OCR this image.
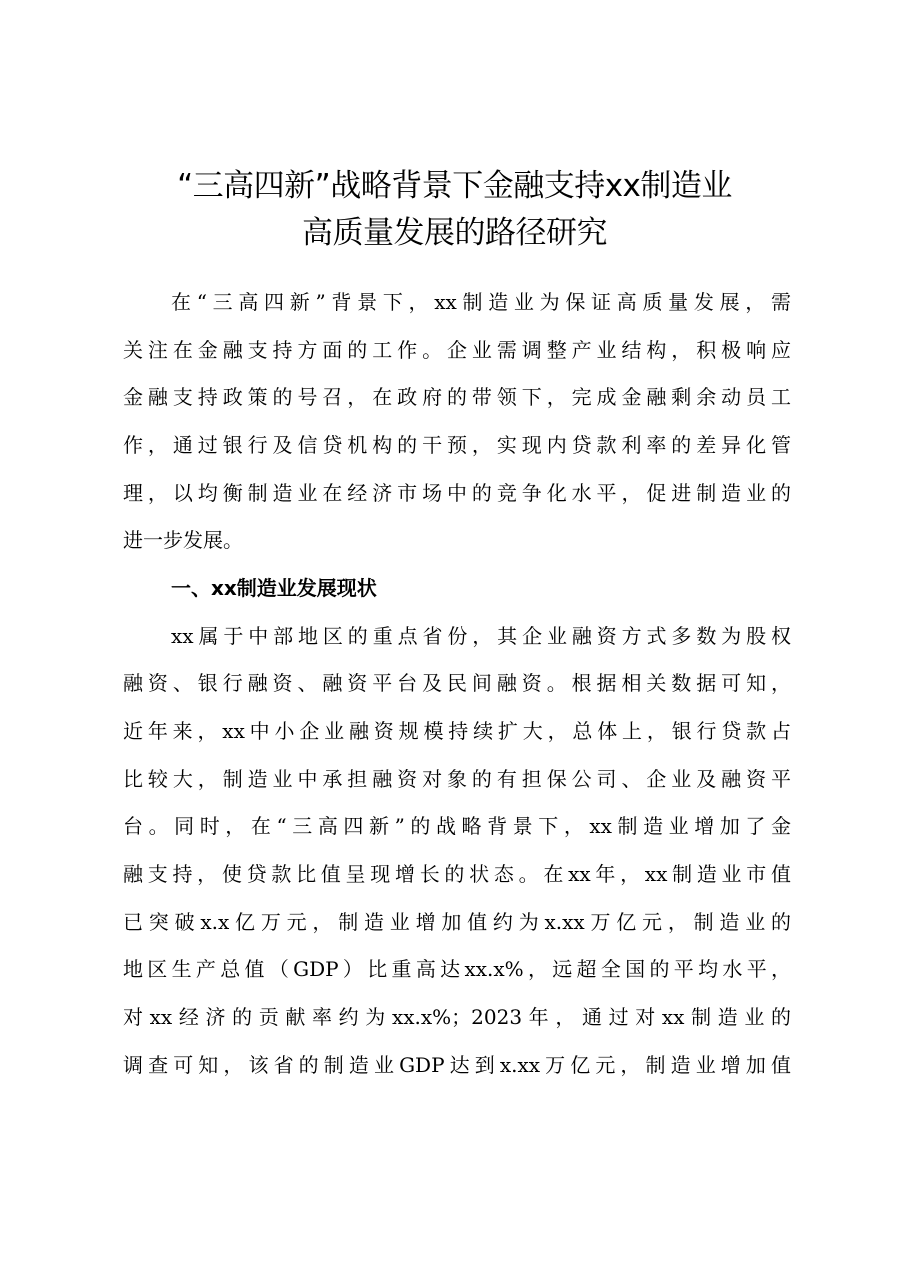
“三高四新”战略背景下金融支持xx制造业
高质量发展的路径研究
在“三高四新”背景下，xx制造业为保证高质量发展，需
关注在金融支持方面的工作。企业需调整产业结构，积极响应
金融支持政策的号召，在政府的带领下，完成金融剩余动员工
作，通过银行及信贷机构的干预，实现内贷款利率的差异化管
理，以均衡制造业在经济市场中的竞争化水平，促进制造业的
进一步发展。
一、xx制造业发展现状
xx属于中部地区的重点省份，其企业融资方式多数为股权
融资、银行融资、融资平台及民间融资。根据相关数据可知，
近年来，xx中小企业融资规模持续扩大，总体上，银行贷款占
比较大，制造业中承担融资对象的有担保公司、企业及融资平
台。同时，在“三高四新”的战略背景下，xx制造业增加了金
融支持，使贷款比值呈现增长的状态。在xx年，xx制造业市值
已突破x.x亿万元，制造业增加值约为x.xx万亿元，制造业的
地区生产总值（GDP）比重高达xx.x%，远超全国的平均水平，
对xx经济的贡献率约为xx.x%；2023年，通过对xx制造业的
调查可知，该省的制造业GDP达到x.xx万亿元，制造业增加值
